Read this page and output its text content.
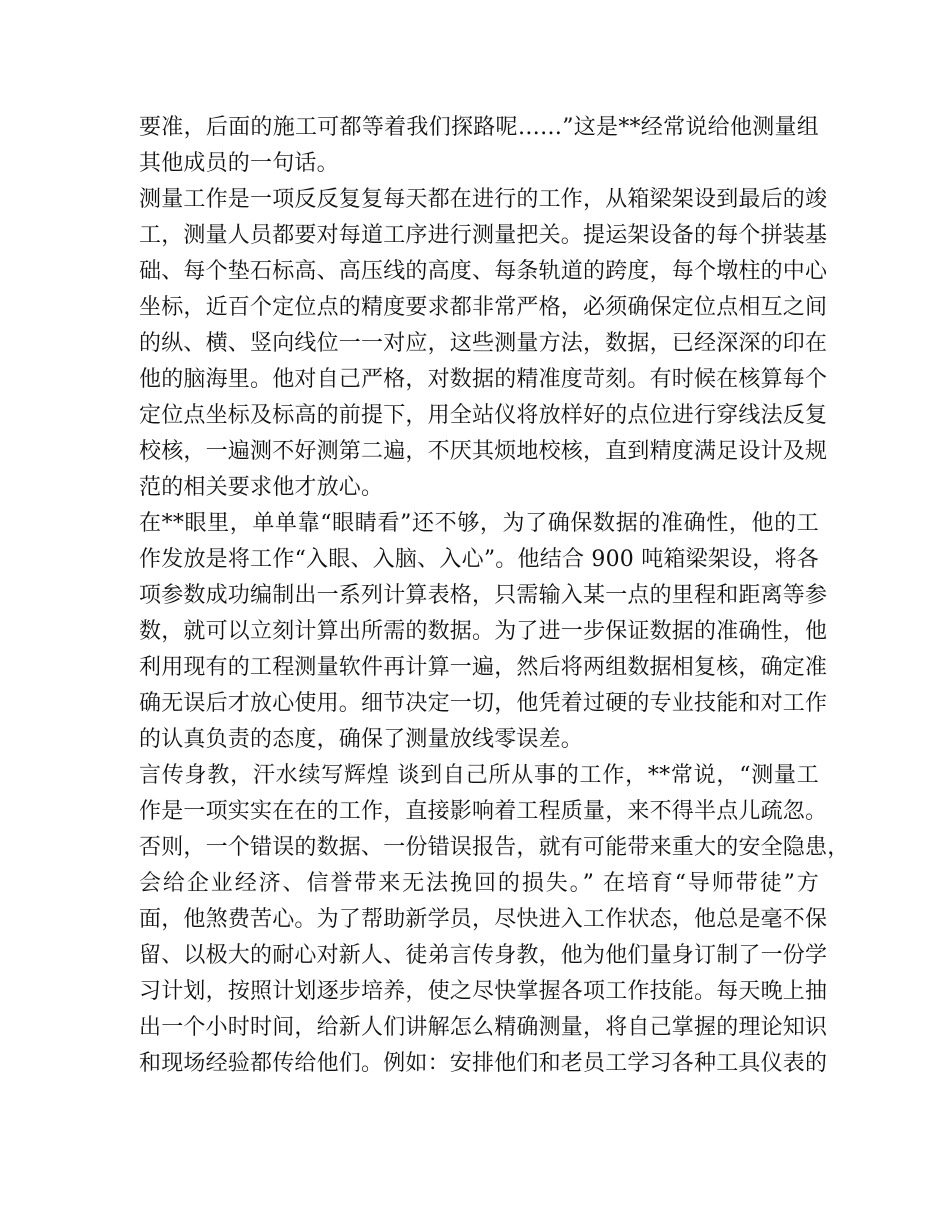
要准，后面的施工可都等着我们探路呢……”这是**经常说给他测量组
其他成员的一句话。
测量工作是一项反反复复每天都在进行的工作，从箱梁架设到最后的竣
工，测量人员都要对每道工序进行测量把关。提运架设备的每个拼装基
础、每个垫石标高、高压线的高度、每条轨道的跨度，每个墩柱的中心
坐标，近百个定位点的精度要求都非常严格，必须确保定位点相互之间
的纵、横、竖向线位一一对应，这些测量方法，数据，已经深深的印在
他的脑海里。他对自己严格，对数据的精准度苛刻。有时候在核算每个
定位点坐标及标高的前提下，用全站仪将放样好的点位进行穿线法反复
校核，一遍测不好测第二遍，不厌其烦地校核，直到精度满足设计及规
范的相关要求他才放心。
在**眼里，单单靠“眼睛看”还不够，为了确保数据的准确性，他的工
作发放是将工作“入眼、入脑、入心”。他结合 900 吨箱梁架设，将各
项参数成功编制出一系列计算表格，只需输入某一点的里程和距离等参
数，就可以立刻计算出所需的数据。为了进一步保证数据的准确性，他
利用现有的工程测量软件再计算一遍，然后将两组数据相复核，确定准
确无误后才放心使用。细节决定一切，他凭着过硬的专业技能和对工作
的认真负责的态度，确保了测量放线零误差。
言传身教，汗水续写辉煌 谈到自己所从事的工作，**常说，“测量工
作是一项实实在在的工作，直接影响着工程质量，来不得半点儿疏忽。
否则，一个错误的数据、一份错误报告，就有可能带来重大的安全隐患，
会给企业经济、信誉带来无法挽回的损失。” 在培育“导师带徒”方
面，他煞费苦心。为了帮助新学员，尽快进入工作状态，他总是毫不保
留、以极大的耐心对新人、徒弟言传身教，他为他们量身订制了一份学
习计划，按照计划逐步培养，使之尽快掌握各项工作技能。每天晚上抽
出一个小时时间，给新人们讲解怎么精确测量，将自己掌握的理论知识
和现场经验都传给他们。例如：安排他们和老员工学习各种工具仪表的
